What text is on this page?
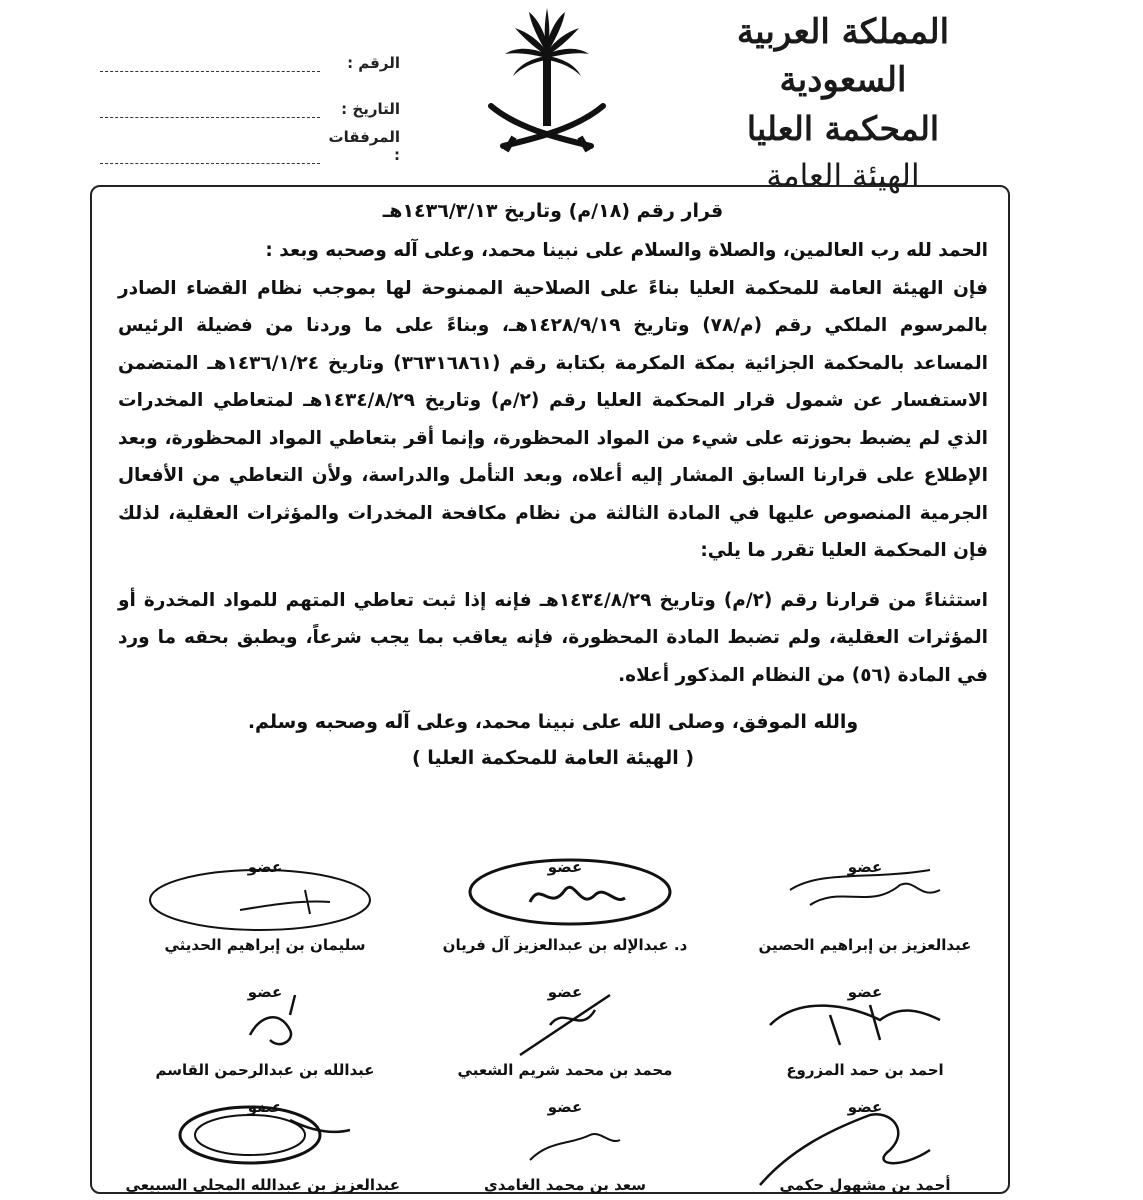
المملكة العربية السعودية
المحكمة العليا
الهيئة العامة
الرقم :
التاريخ :
المرفقات :

قرار رقم (١٨/م) وتاريخ ١٤٣٦/٣/١٣هـ

الحمد لله رب العالمين، والصلاة والسلام على نبينا محمد، وعلى آله وصحبه وبعد :

فإن الهيئة العامة للمحكمة العليا بناءً على الصلاحية الممنوحة لها بموجب نظام القضاء الصادر بالمرسوم الملكي رقم (م/٧٨) وتاريخ ١٤٢٨/٩/١٩هـ، وبناءً على ما وردنا من فضيلة الرئيس المساعد بالمحكمة الجزائية بمكة المكرمة بكتابة رقم (٣٦٣١٦٨٦١) وتاريخ ١٤٣٦/١/٢٤هـ المتضمن الاستفسار عن شمول قرار المحكمة العليا رقم (٢/م) وتاريخ ١٤٣٤/٨/٢٩هـ لمتعاطي المخدرات الذي لم يضبط بحوزته على شيء من المواد المحظورة، وإنما أقر بتعاطي المواد المحظورة، وبعد الإطلاع على قرارنا السابق المشار إليه أعلاه، وبعد التأمل والدراسة، ولأن التعاطي من الأفعال الجرمية المنصوص عليها في المادة الثالثة من نظام مكافحة المخدرات والمؤثرات العقلية، لذلك فإن المحكمة العليا تقرر ما يلي:

استثناءً من قرارنا رقم (٢/م) وتاريخ ١٤٣٤/٨/٢٩هـ فإنه إذا ثبت تعاطي المتهم للمواد المخدرة أو المؤثرات العقلية، ولم تضبط المادة المحظورة، فإنه يعاقب بما يجب شرعاً، ويطبق بحقه ما ورد في المادة (٥٦) من النظام المذكور أعلاه.

والله الموفق، وصلى الله على نبينا محمد، وعلى آله وصحبه وسلم.

( الهيئة العامة للمحكمة العليا )

عضو
عبدالعزيز بن إبراهيم الحصين
عضو
د. عبدالإله بن عبدالعزيز آل فريان
عضو
سليمان بن إبراهيم الحديثي
عضو
احمد بن حمد المزروع
عضو
محمد بن محمد شريم الشعبي
عضو
عبدالله بن عبدالرحمن القاسم
عضو
أحمد بن مشهول حكمي
عضو
سعد بن محمد الغامدي
عضو
عبدالعزيز بن عبدالله المجلي السبيعي
